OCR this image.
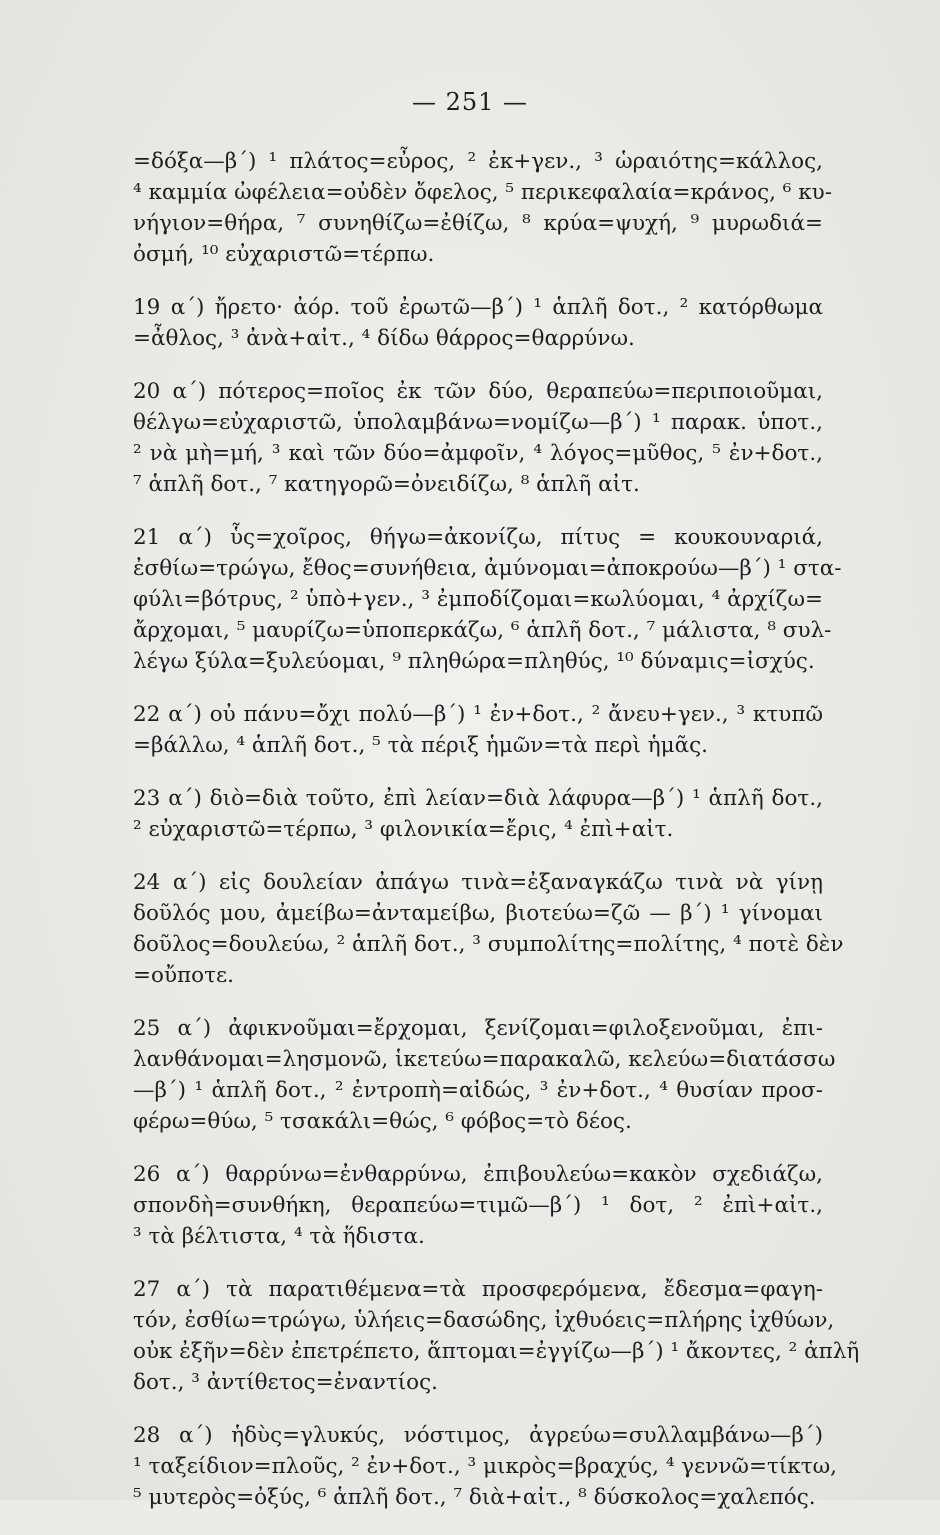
— 251 —
=δόξα—β΄) ¹ πλάτος=εὖρος, ² ἐκ+γεν., ³ ὡραιότης=κάλλος,
⁴ καμμία ὠφέλεια=οὐδὲν ὄφελος, ⁵ περικεφαλαία=κράνος, ⁶ κυ-
νήγιον=θήρα, ⁷ συνηθίζω=ἐθίζω, ⁸ κρύα=ψυχή, ⁹ μυρωδιά=
ὀσμή, ¹⁰ εὐχαριστῶ=τέρπω.
19 α΄) ἤρετο· ἀόρ. τοῦ ἐρωτῶ—β΄) ¹ ἁπλῆ δοτ., ² κατόρθωμα
=ἆθλος, ³ ἀνὰ+αἰτ., ⁴ δίδω θάρρος=θαρρύνω.
20 α΄) πότερος=ποῖος ἐκ τῶν δύο, θεραπεύω=περιποιοῦμαι,
θέλγω=εὐχαριστῶ, ὑπολαμβάνω=νομίζω—β΄) ¹ παρακ. ὑποτ.,
² νὰ μὴ=μή, ³ καὶ τῶν δύο=ἀμφοῖν, ⁴ λόγος=μῦθος, ⁵ ἐν+δοτ.,
⁷ ἁπλῆ δοτ., ⁷ κατηγορῶ=ὀνειδίζω, ⁸ ἁπλῆ αἰτ.
21 α΄) ὗς=χοῖρος, θήγω=ἀκονίζω, πίτυς = κουκουναριά,
ἐσθίω=τρώγω, ἔθος=συνήθεια, ἀμύνομαι=ἀποκρούω—β΄) ¹ στα-
φύλι=βότρυς, ² ὑπὸ+γεν., ³ ἐμποδίζομαι=κωλύομαι, ⁴ ἀρχίζω=
ἄρχομαι, ⁵ μαυρίζω=ὑποπερκάζω, ⁶ ἁπλῆ δοτ., ⁷ μάλιστα, ⁸ συλ-
λέγω ξύλα=ξυλεύομαι, ⁹ πληθώρα=πληθύς, ¹⁰ δύναμις=ἰσχύς.
22 α΄) οὐ πάνυ=ὄχι πολύ—β΄) ¹ ἐν+δοτ., ² ἄνευ+γεν., ³ κτυπῶ
=βάλλω, ⁴ ἁπλῆ δοτ., ⁵ τὰ πέριξ ἡμῶν=τὰ περὶ ἡμᾶς.
23 α΄) διὸ=διὰ τοῦτο, ἐπὶ λείαν=διὰ λάφυρα—β΄) ¹ ἁπλῆ δοτ.,
² εὐχαριστῶ=τέρπω, ³ φιλονικία=ἔρις, ⁴ ἐπὶ+αἰτ.
24 α΄) εἰς δουλείαν ἀπάγω τινὰ=ἐξαναγκάζω τινὰ νὰ γίνῃ
δοῦλός μου, ἀμείβω=ἀνταμείβω, βιοτεύω=ζῶ — β΄) ¹ γίνομαι
δοῦλος=δουλεύω, ² ἁπλῆ δοτ., ³ συμπολίτης=πολίτης, ⁴ ποτὲ δὲν
=οὔποτε.
25 α΄) ἀφικνοῦμαι=ἔρχομαι, ξενίζομαι=φιλοξενοῦμαι, ἐπι-
λανθάνομαι=λησμονῶ, ἱκετεύω=παρακαλῶ, κελεύω=διατάσσω
—β΄) ¹ ἁπλῆ δοτ., ² ἐντροπὴ=αἰδώς, ³ ἐν+δοτ., ⁴ θυσίαν προσ-
φέρω=θύω, ⁵ τσακάλι=θώς, ⁶ φόβος=τὸ δέος.
26 α΄) θαρρύνω=ἐνθαρρύνω, ἐπιβουλεύω=κακὸν σχεδιάζω,
σπονδὴ=συνθήκη, θεραπεύω=τιμῶ—β΄) ¹ δοτ, ² ἐπὶ+αἰτ.,
³ τὰ βέλτιστα, ⁴ τὰ ἥδιστα.
27 α΄) τὰ παρατιθέμενα=τὰ προσφερόμενα, ἔδεσμα=φαγη-
τόν, ἐσθίω=τρώγω, ὑλήεις=δασώδης, ἰχθυόεις=πλήρης ἰχθύων,
οὐκ ἐξῆν=δὲν ἐπετρέπετο, ἅπτομαι=ἐγγίζω—β΄) ¹ ἄκοντες, ² ἁπλῆ
δοτ., ³ ἀντίθετος=ἐναντίος.
28 α΄) ἡδὺς=γλυκύς, νόστιμος, ἀγρεύω=συλλαμβάνω—β΄)
¹ ταξείδιον=πλοῦς, ² ἐν+δοτ., ³ μικρὸς=βραχύς, ⁴ γεννῶ=τίκτω,
⁵ μυτερὸς=ὀξύς, ⁶ ἁπλῆ δοτ., ⁷ διὰ+αἰτ., ⁸ δύσκολος=χαλεπός.
